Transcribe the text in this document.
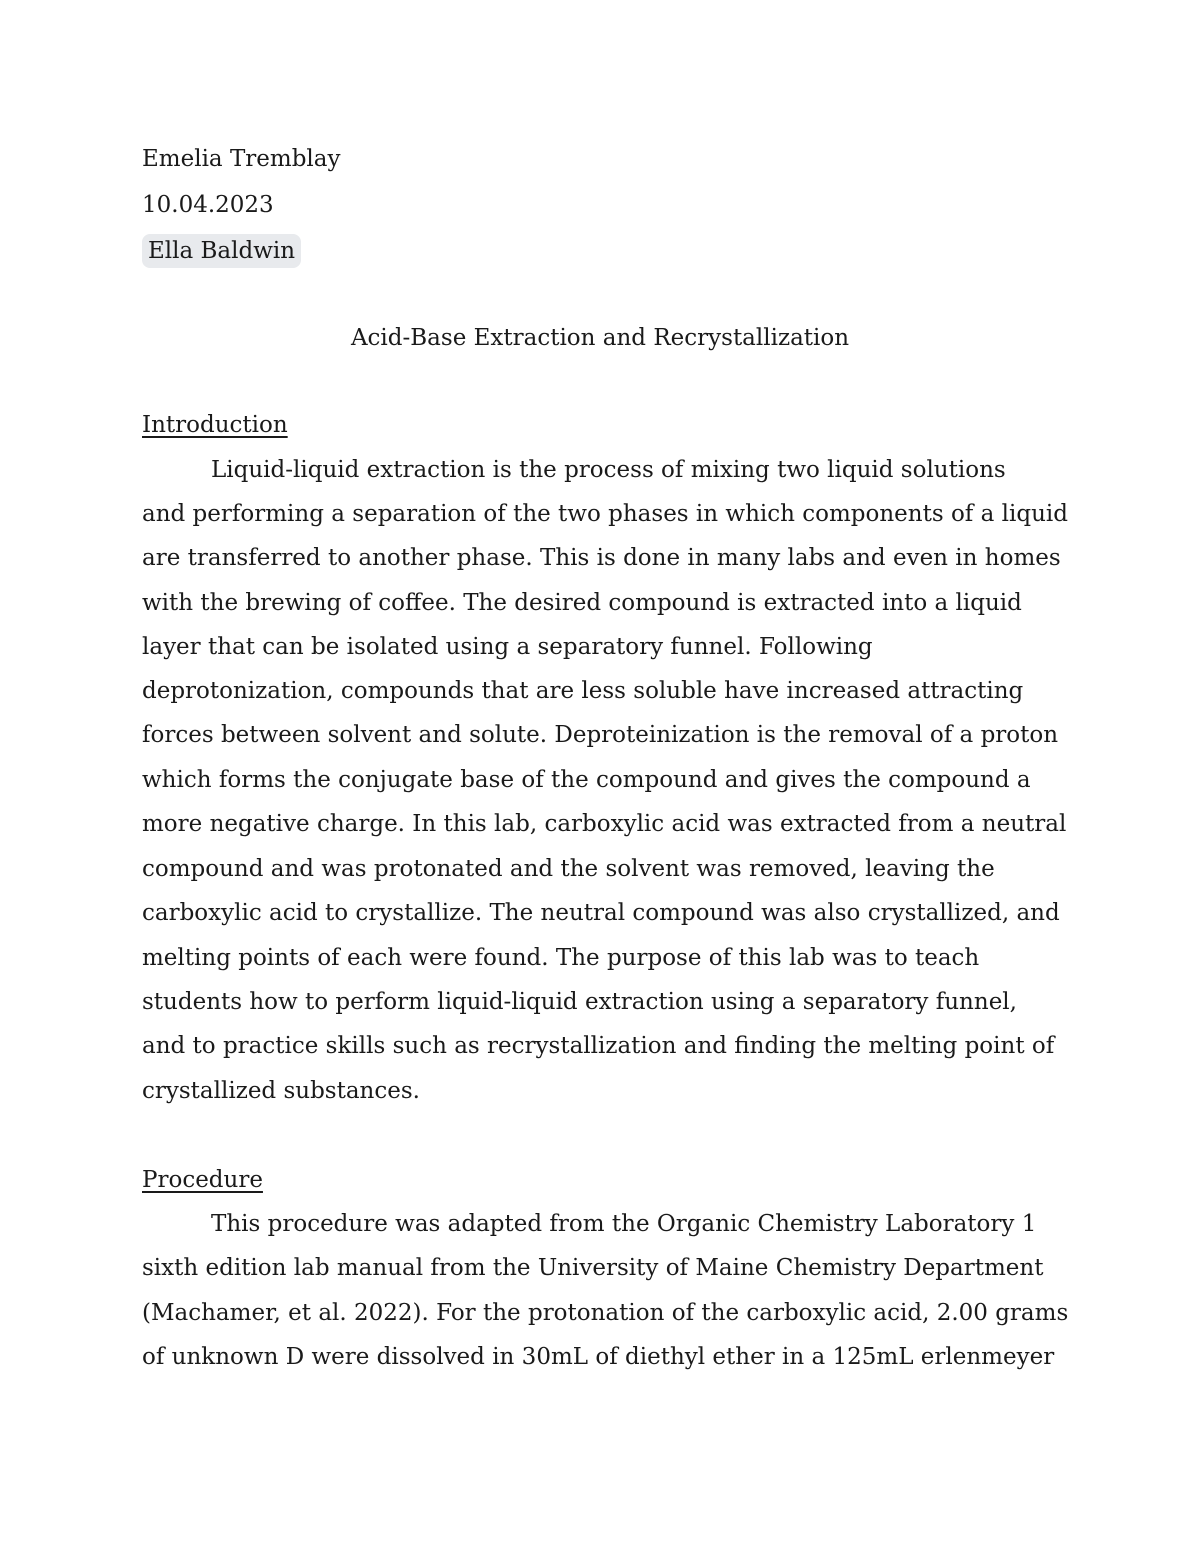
Emelia Tremblay
10.04.2023
Ella Baldwin
Acid-Base Extraction and Recrystallization
Introduction
Liquid-liquid extraction is the process of mixing two liquid solutions
and performing a separation of the two phases in which components of a liquid
are transferred to another phase. This is done in many labs and even in homes
with the brewing of coffee. The desired compound is extracted into a liquid
layer that can be isolated using a separatory funnel. Following
deprotonization, compounds that are less soluble have increased attracting
forces between solvent and solute. Deproteinization is the removal of a proton
which forms the conjugate base of the compound and gives the compound a
more negative charge. In this lab, carboxylic acid was extracted from a neutral
compound and was protonated and the solvent was removed, leaving the
carboxylic acid to crystallize. The neutral compound was also crystallized, and
melting points of each were found. The purpose of this lab was to teach
students how to perform liquid-liquid extraction using a separatory funnel,
and to practice skills such as recrystallization and finding the melting point of
crystallized substances.
Procedure
This procedure was adapted from the Organic Chemistry Laboratory 1
sixth edition lab manual from the University of Maine Chemistry Department
(Machamer, et al. 2022). For the protonation of the carboxylic acid, 2.00 grams
of unknown D were dissolved in 30mL of diethyl ether in a 125mL erlenmeyer
